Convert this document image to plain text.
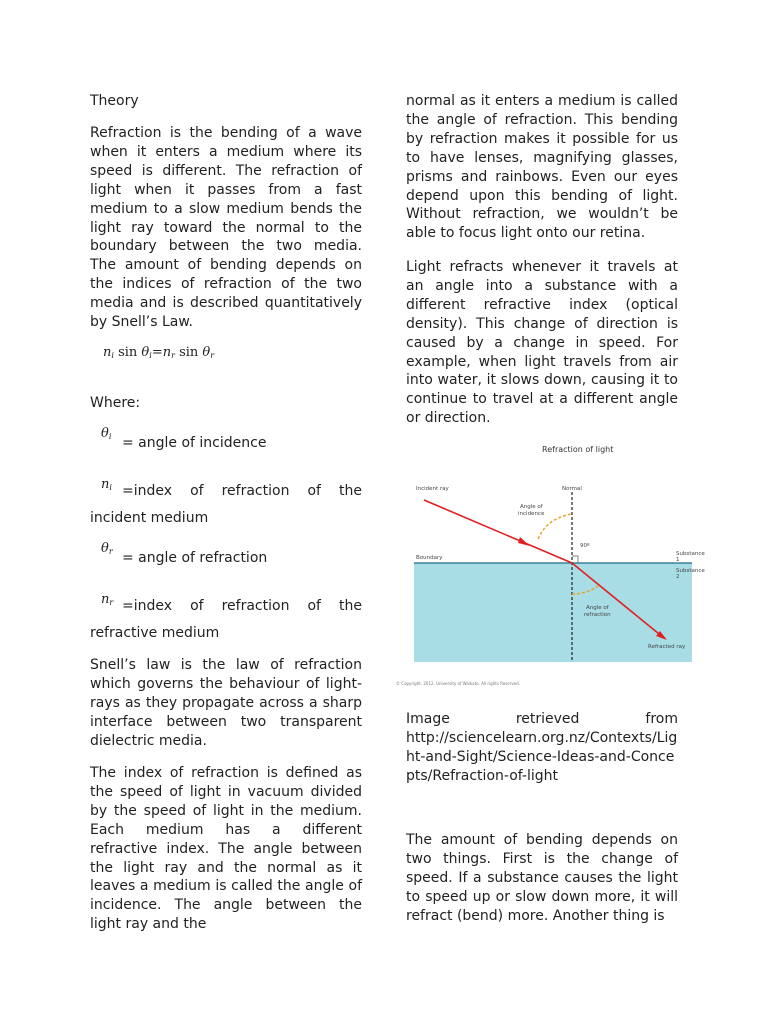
Theory

Refraction is the bending of a wave when it enters a medium where its speed is different. The refraction of light when it passes from a fast medium to a slow medium bends the light ray toward the normal to the boundary between the two media. The amount of bending depends on the indices of refraction of the two media and is described quantitatively by Snell’s Law.

$n_i$ $\sin \theta_i=n_r$ $\sin \theta_r$

Where:

$\theta_i$ = angle of incidence
$n_i$ =index of refraction of the
incident medium
$\theta_r$ = angle of refraction
$n_r$ =index of refraction of the
refractive medium

Snell’s law is the law of refraction which governs the behaviour of light-rays as they propagate across a sharp interface between two transparent dielectric media.

The index of refraction is defined as the speed of light in vacuum divided by the speed of light in the medium. Each medium has a different refractive index. The angle between the light ray and the normal as it leaves a medium is called the angle of incidence. The angle between the light ray and the

normal as it enters a medium is called the angle of refraction. This bending by refraction makes it possible for us to have lenses, magnifying glasses, prisms and rainbows. Even our eyes depend upon this bending of light. Without refraction, we wouldn’t be able to focus light onto our retina.

Light refracts whenever it travels at an angle into a substance with a different refractive index (optical density). This change of direction is caused by a change in speed. For example, when light travels from air into water, it slows down, causing it to continue to travel at a different angle or direction.

Refraction of light
Incident ray	Normal
Angle of
incidence
90º
Boundary
Substance 1
Substance 2
Angle of
refraction
Refracted ray
© Copyright. 2012. University of Waikato. All rights Reserved.
Image	retrieved	from

http://sciencelearn.org.nz/Contexts/Light-and-Sight/Science-Ideas-and-Concepts/Refraction-of-light

The amount of bending depends on two things. First is the change of speed. If a substance causes the light to speed up or slow down more, it will refract (bend) more. Another thing is
